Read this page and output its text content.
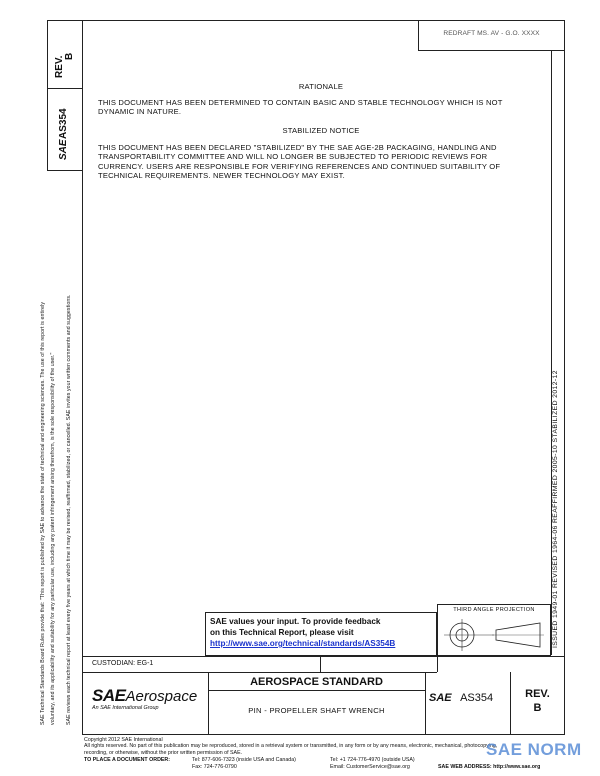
SAE Technical Standards Board Rules provide that: "This report is published by SAE to advance the state of technical and engineering sciences. The use of this report is entirely voluntary, and its applicability and suitability for any particular use, including any patent infringement arising therefrom, is the sole responsibility of the user." SAE reviews each technical report at least every five years at which time it may be revised, reaffirmed, stabilized, or cancelled. SAE invites your written comments and suggestions.
REV. B
SAE
AS354
REDRAFT MS. AV - G.O. XXXX
ISSUED 1949-01 REVISED 1964-06 REAFFIRMED 2005-10 STABILIZED 2012-12
RATIONALE
THIS DOCUMENT HAS BEEN DETERMINED TO CONTAIN BASIC AND STABLE TECHNOLOGY WHICH IS NOT DYNAMIC IN NATURE.
STABILIZED NOTICE
THIS DOCUMENT HAS BEEN DECLARED "STABILIZED" BY THE SAE AGE-2B PACKAGING, HANDLING AND TRANSPORTABILITY COMMITTEE AND WILL NO LONGER BE SUBJECTED TO PERIODIC REVIEWS FOR CURRENCY. USERS ARE RESPONSIBLE FOR VERIFYING REFERENCES AND CONTINUED SUITABILITY OF TECHNICAL REQUIREMENTS. NEWER TECHNOLOGY MAY EXIST.
SAE values your input. To provide feedback
on this Technical Report, please visit
http://www.sae.org/technical/standards/AS354B
THIRD ANGLE PROJECTION
CUSTODIAN: EG-1
SAEAerospace
An SAE International Group
AEROSPACE STANDARD
PIN - PROPELLER SHAFT WRENCH
SAE AS354	REV.
B
Copyright 2012 SAE International
All rights reserved. No part of this publication may be reproduced, stored in a retrieval system or transmitted, in any form or by any means, electronic, mechanical, photocopying,
recording, or otherwise, without the prior written permission of SAE.
TO PLACE A DOCUMENT ORDER:	Tel: 877-606-7323 (inside USA and Canada)
Fax: 724-776-0790
Tel: +1 724-776-4970 (outside USA)
Email: CustomerService@sae.org	SAE WEB ADDRESS: http://www.sae.org
SAE NORM
